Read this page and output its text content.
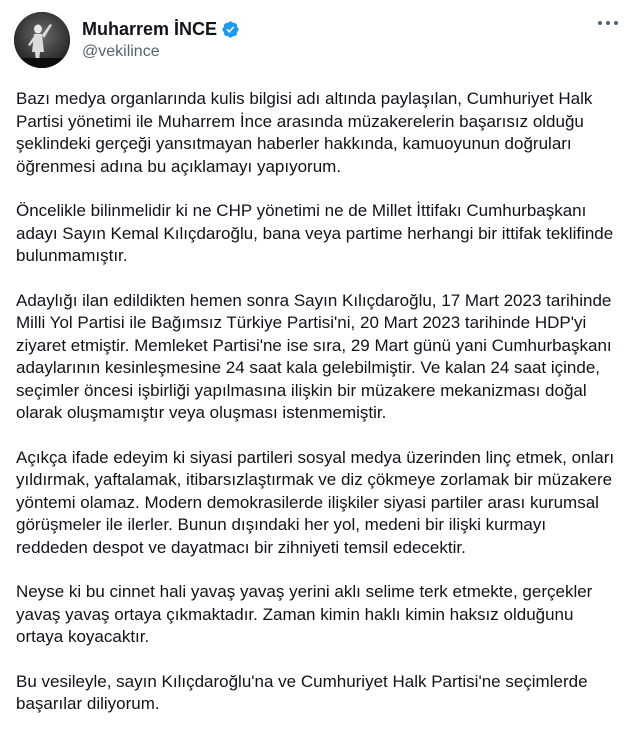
Muharrem İNCE
@vekilince

Bazı medya organlarında kulis bilgisi adı altında paylaşılan, Cumhuriyet Halk Partisi yönetimi ile Muharrem İnce arasında müzakerelerin başarısız olduğu şeklindeki gerçeği yansıtmayan haberler hakkında, kamuoyunun doğruları öğrenmesi adına bu açıklamayı yapıyorum.

Öncelikle bilinmelidir ki ne CHP yönetimi ne de Millet İttifakı Cumhurbaşkanı adayı Sayın Kemal Kılıçdaroğlu, bana veya partime herhangi bir ittifak teklifinde bulunmamıştır.

Adaylığı ilan edildikten hemen sonra Sayın Kılıçdaroğlu, 17 Mart 2023 tarihinde Milli Yol Partisi ile Bağımsız Türkiye Partisi'ni, 20 Mart 2023 tarihinde HDP'yi ziyaret etmiştir. Memleket Partisi'ne ise sıra, 29 Mart günü yani Cumhurbaşkanı adaylarının kesinleşmesine 24 saat kala gelebilmiştir. Ve kalan 24 saat içinde, seçimler öncesi işbirliği yapılmasına ilişkin bir müzakere mekanizması doğal olarak oluşmamıştır veya oluşması istenmemiştir.

Açıkça ifade edeyim ki siyasi partileri sosyal medya üzerinden linç etmek, onları yıldırmak, yaftalamak, itibarsızlaştırmak ve diz çökmeye zorlamak bir müzakere yöntemi olamaz. Modern demokrasilerde ilişkiler siyasi partiler arası kurumsal görüşmeler ile ilerler. Bunun dışındaki her yol, medeni bir ilişki kurmayı reddeden despot ve dayatmacı bir zihniyeti temsil edecektir.

Neyse ki bu cinnet hali yavaş yavaş yerini aklı selime terk etmekte, gerçekler yavaş yavaş ortaya çıkmaktadır. Zaman kimin haklı kimin haksız olduğunu ortaya koyacaktır.

Bu vesileyle, sayın Kılıçdaroğlu'na ve Cumhuriyet Halk Partisi'ne seçimlerde başarılar diliyorum.
